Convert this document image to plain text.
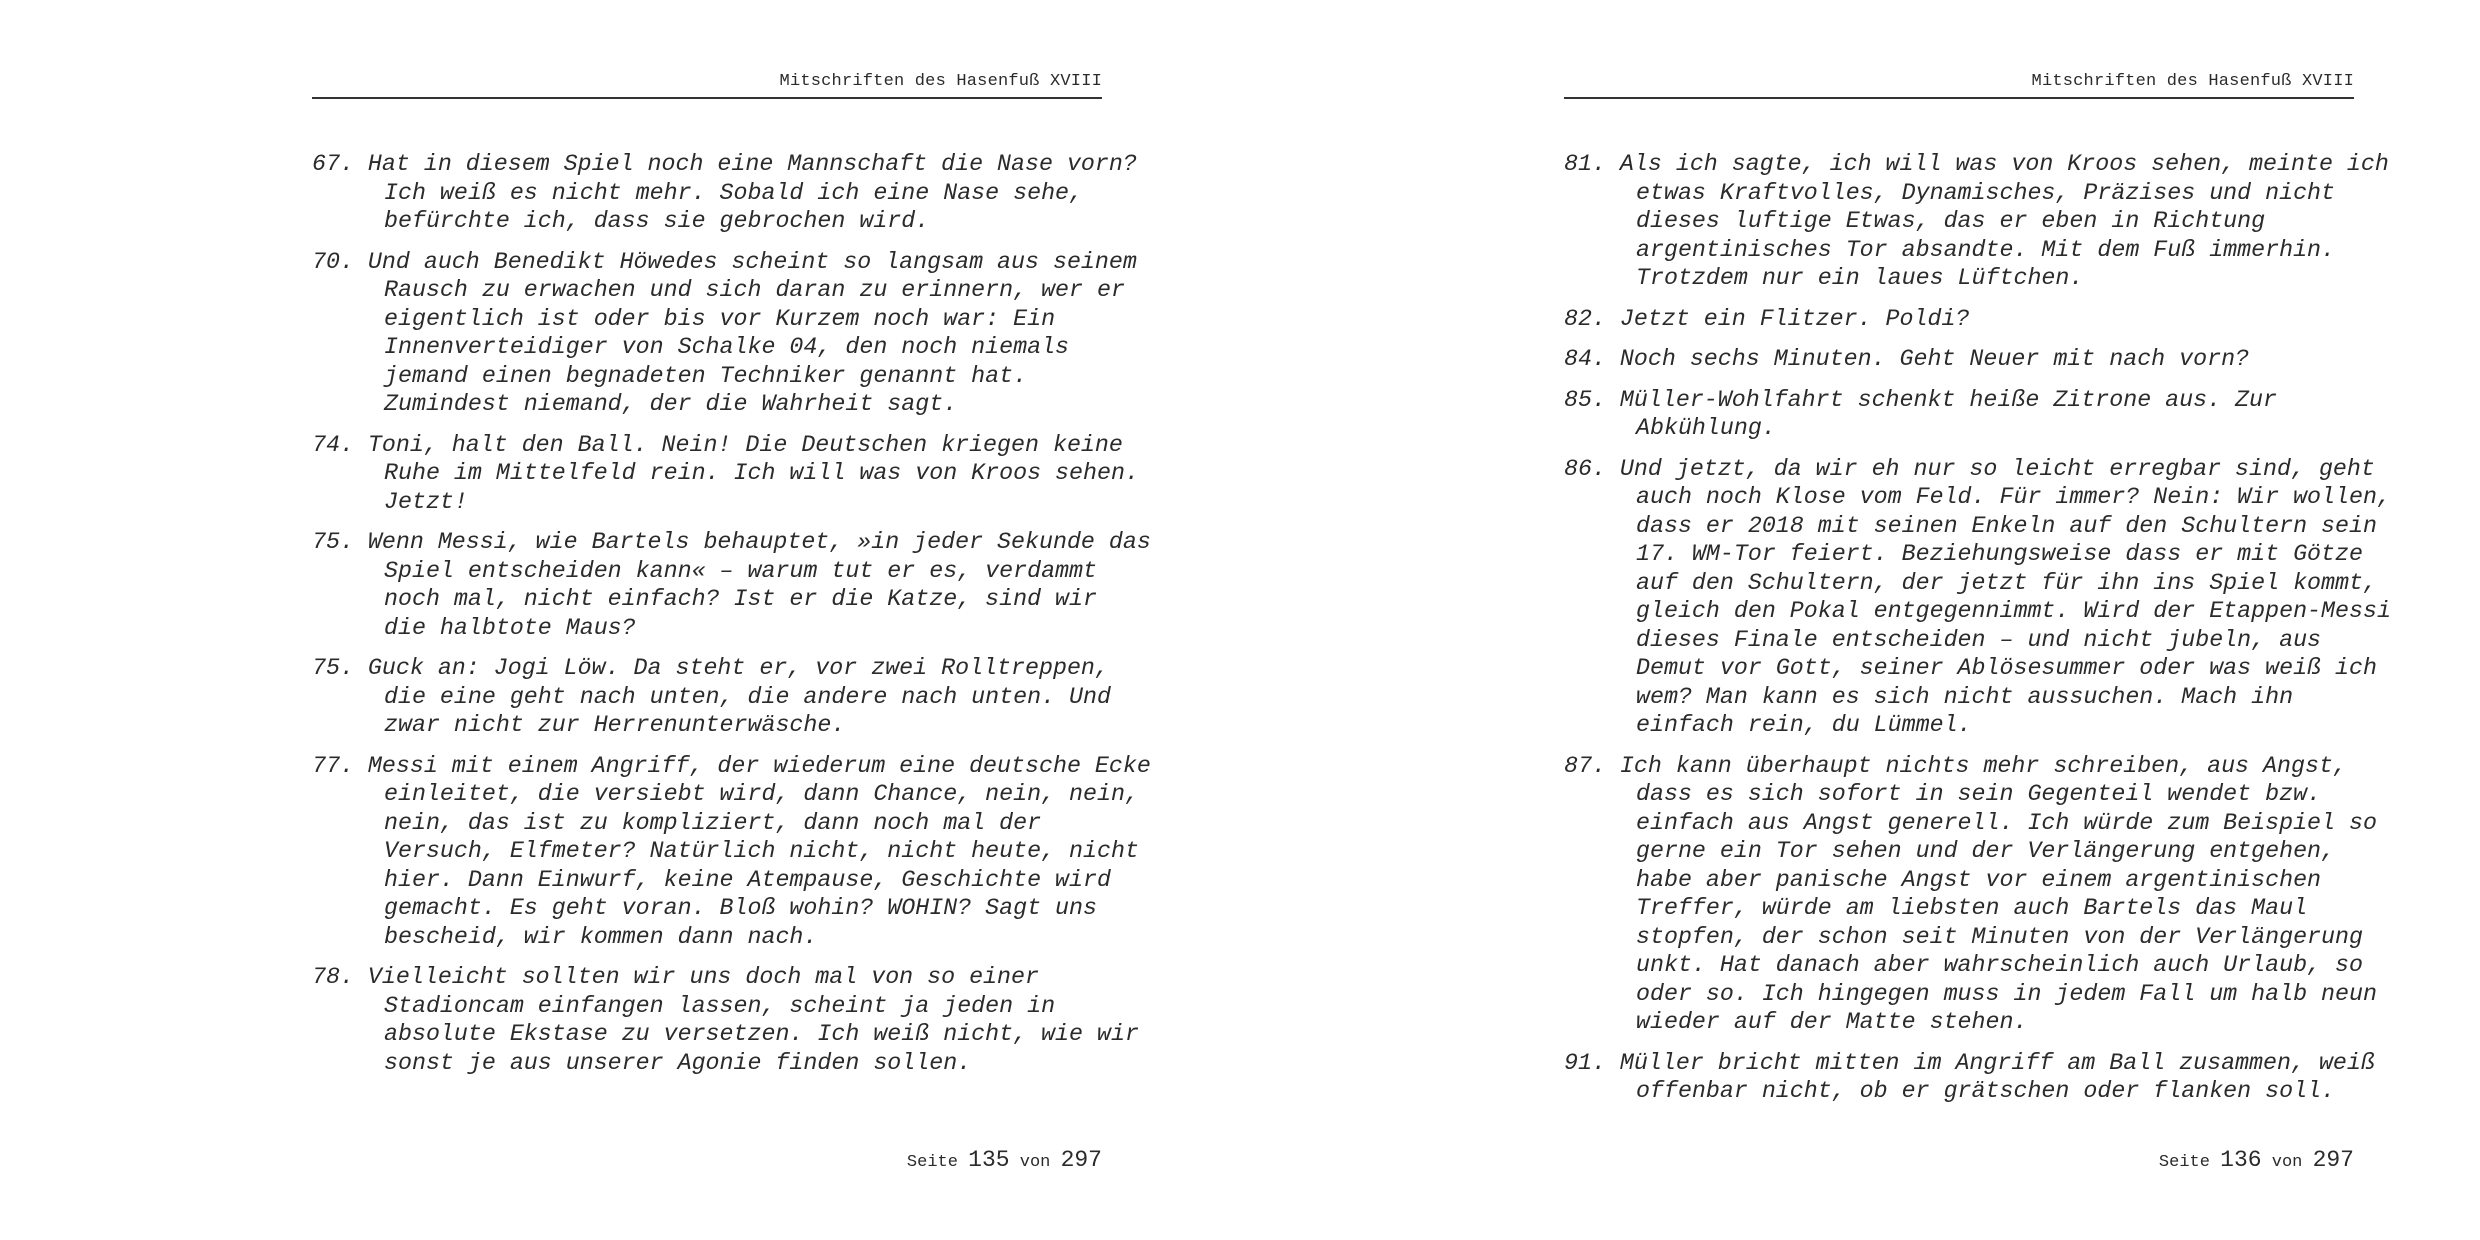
Mitschriften des Hasenfuß XVIII
67. Hat in diesem Spiel noch eine Mannschaft die Nase vorn?
Ich weiß es nicht mehr. Sobald ich eine Nase sehe,
befürchte ich, dass sie gebrochen wird.
70. Und auch Benedikt Höwedes scheint so langsam aus seinem
Rausch zu erwachen und sich daran zu erinnern, wer er
eigentlich ist oder bis vor Kurzem noch war: Ein
Innenverteidiger von Schalke 04, den noch niemals
jemand einen begnadeten Techniker genannt hat.
Zumindest niemand, der die Wahrheit sagt.
74. Toni, halt den Ball. Nein! Die Deutschen kriegen keine
Ruhe im Mittelfeld rein. Ich will was von Kroos sehen.
Jetzt!
75. Wenn Messi, wie Bartels behauptet, »in jeder Sekunde das
Spiel entscheiden kann« – warum tut er es, verdammt
noch mal, nicht einfach? Ist er die Katze, sind wir
die halbtote Maus?
75. Guck an: Jogi Löw. Da steht er, vor zwei Rolltreppen,
die eine geht nach unten, die andere nach unten. Und
zwar nicht zur Herrenunterwäsche.
77. Messi mit einem Angriff, der wiederum eine deutsche Ecke
einleitet, die versiebt wird, dann Chance, nein, nein,
nein, das ist zu kompliziert, dann noch mal der
Versuch, Elfmeter? Natürlich nicht, nicht heute, nicht
hier. Dann Einwurf, keine Atempause, Geschichte wird
gemacht. Es geht voran. Bloß wohin? WOHIN? Sagt uns
bescheid, wir kommen dann nach.
78. Vielleicht sollten wir uns doch mal von so einer
Stadioncam einfangen lassen, scheint ja jeden in
absolute Ekstase zu versetzen. Ich weiß nicht, wie wir
sonst je aus unserer Agonie finden sollen.
Seite 135 von 297
Mitschriften des Hasenfuß XVIII
81. Als ich sagte, ich will was von Kroos sehen, meinte ich
etwas Kraftvolles, Dynamisches, Präzises und nicht
dieses luftige Etwas, das er eben in Richtung
argentinisches Tor absandte. Mit dem Fuß immerhin.
Trotzdem nur ein laues Lüftchen.
82. Jetzt ein Flitzer. Poldi?
84. Noch sechs Minuten. Geht Neuer mit nach vorn?
85. Müller-Wohlfahrt schenkt heiße Zitrone aus. Zur
Abkühlung.
86. Und jetzt, da wir eh nur so leicht erregbar sind, geht
auch noch Klose vom Feld. Für immer? Nein: Wir wollen,
dass er 2018 mit seinen Enkeln auf den Schultern sein
17. WM-Tor feiert. Beziehungsweise dass er mit Götze
auf den Schultern, der jetzt für ihn ins Spiel kommt,
gleich den Pokal entgegennimmt. Wird der Etappen-Messi
dieses Finale entscheiden – und nicht jubeln, aus
Demut vor Gott, seiner Ablösesummer oder was weiß ich
wem? Man kann es sich nicht aussuchen. Mach ihn
einfach rein, du Lümmel.
87. Ich kann überhaupt nichts mehr schreiben, aus Angst,
dass es sich sofort in sein Gegenteil wendet bzw.
einfach aus Angst generell. Ich würde zum Beispiel so
gerne ein Tor sehen und der Verlängerung entgehen,
habe aber panische Angst vor einem argentinischen
Treffer, würde am liebsten auch Bartels das Maul
stopfen, der schon seit Minuten von der Verlängerung
unkt. Hat danach aber wahrscheinlich auch Urlaub, so
oder so. Ich hingegen muss in jedem Fall um halb neun
wieder auf der Matte stehen.
91. Müller bricht mitten im Angriff am Ball zusammen, weiß
offenbar nicht, ob er grätschen oder flanken soll.
Seite 136 von 297
